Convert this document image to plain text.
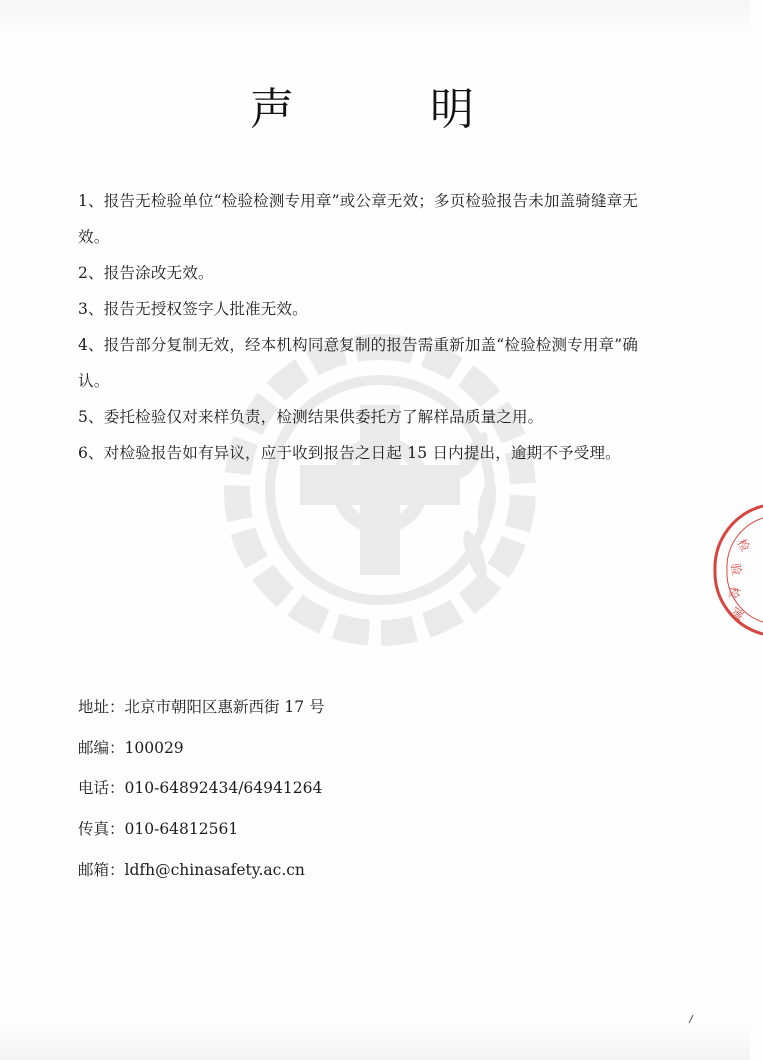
声	明
1、报告无检验单位“检验检测专用章”或公章无效；多页检验报告未加盖骑缝章无效。
2、报告涂改无效。
3、报告无授权签字人批准无效。
4、报告部分复制无效，经本机构同意复制的报告需重新加盖“检验检测专用章”确认。
5、委托检验仅对来样负责，检测结果供委托方了解样品质量之用。
6、对检验报告如有异议，应于收到报告之日起 15 日内提出，逾期不予受理。
地址：北京市朝阳区惠新西街 17 号
邮编：100029
电话：010-64892434/64941264
传真：010-64812561
邮箱：ldfh@chinasafety.ac.cn
检
验
检
测
